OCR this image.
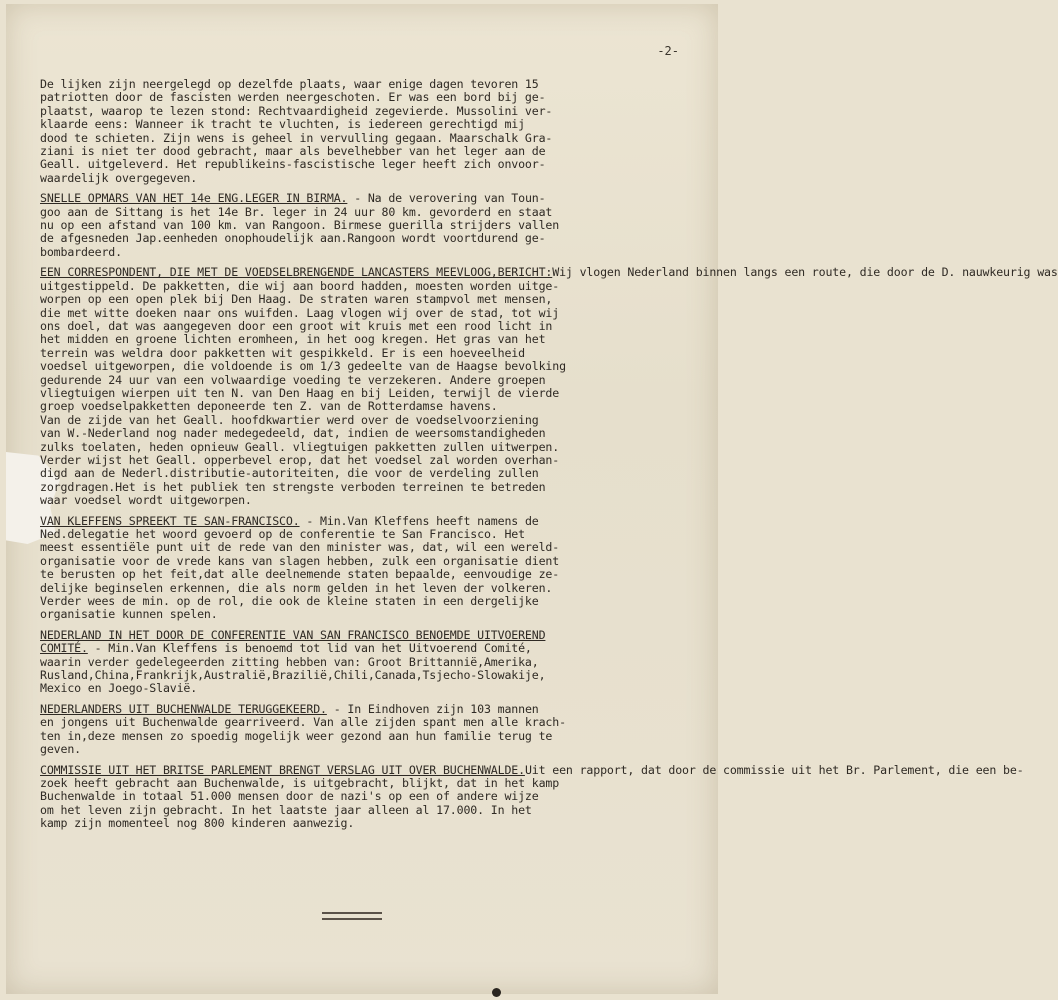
-2-
De lijken zijn neergelegd op dezelfde plaats, waar enige dagen tevoren 15
patriotten door de fascisten werden neergeschoten. Er was een bord bij ge-
plaatst, waarop te lezen stond: Rechtvaardigheid zegevierde. Mussolini ver-
klaarde eens: Wanneer ik tracht te vluchten, is iedereen gerechtigd mij
dood te schieten. Zijn wens is geheel in vervulling gegaan. Maarschalk Gra-
ziani is niet ter dood gebracht, maar als bevelhebber van het leger aan de
Geall. uitgeleverd. Het republikeins-fascistische leger heeft zich onvoor-
waardelijk overgegeven.
SNELLE OPMARS VAN HET 14e ENG.LEGER IN BIRMA. - Na de verovering van Toun-
goo aan de Sittang is het 14e Br. leger in 24 uur 80 km. gevorderd en staat
nu op een afstand van 100 km. van Rangoon. Birmese guerilla strijders vallen
de afgesneden Jap.eenheden onophoudelijk aan.Rangoon wordt voortdurend ge-
bombardeerd.
EEN CORRESPONDENT, DIE MET DE VOEDSELBRENGENDE LANCASTERS MEEVLOOG,BERICHT:Wij vlogen Nederland binnen langs een route, die door de D. nauwkeurig was
uitgestippeld. De pakketten, die wij aan boord hadden, moesten worden uitge-
worpen op een open plek bij Den Haag. De straten waren stampvol met mensen,
die met witte doeken naar ons wuifden. Laag vlogen wij over de stad, tot wij
ons doel, dat was aangegeven door een groot wit kruis met een rood licht in
het midden en groene lichten eromheen, in het oog kregen. Het gras van het
terrein was weldra door pakketten wit gespikkeld. Er is een hoeveelheid
voedsel uitgeworpen, die voldoende is om 1/3 gedeelte van de Haagse bevolking
gedurende 24 uur van een volwaardige voeding te verzekeren. Andere groepen
vliegtuigen wierpen uit ten N. van Den Haag en bij Leiden, terwijl de vierde
groep voedselpakketten deponeerde ten Z. van de Rotterdamse havens.
Van de zijde van het Geall. hoofdkwartier werd over de voedselvoorziening
van W.-Nederland nog nader medegedeeld, dat, indien de weersomstandigheden
zulks toelaten, heden opnieuw Geall. vliegtuigen pakketten zullen uitwerpen.
Verder wijst het Geall. opperbevel erop, dat het voedsel zal worden overhan-
digd aan de Nederl.distributie-autoriteiten, die voor de verdeling zullen
zorgdragen.Het is het publiek ten strengste verboden terreinen te betreden
waar voedsel wordt uitgeworpen.
VAN KLEFFENS SPREEKT TE SAN-FRANCISCO. - Min.Van Kleffens heeft namens de
Ned.delegatie het woord gevoerd op de conferentie te San Francisco. Het
meest essentiële punt uit de rede van den minister was, dat, wil een wereld-
organisatie voor de vrede kans van slagen hebben, zulk een organisatie dient
te berusten op het feit,dat alle deelnemende staten bepaalde, eenvoudige ze-
delijke beginselen erkennen, die als norm gelden in het leven der volkeren.
Verder wees de min. op de rol, die ook de kleine staten in een dergelijke
organisatie kunnen spelen.
NEDERLAND IN HET DOOR DE CONFERENTIE VAN SAN FRANCISCO BENOEMDE UITVOEREND
COMITÉ. - Min.Van Kleffens is benoemd tot lid van het Uitvoerend Comité,
waarin verder gedelegeerden zitting hebben van: Groot Brittannië,Amerika,
Rusland,China,Frankrijk,Australië,Brazilië,Chili,Canada,Tsjecho-Slowakije,
Mexico en Joego-Slavië.
NEDERLANDERS UIT BUCHENWALDE TERUGGEKEERD. - In Eindhoven zijn 103 mannen
en jongens uit Buchenwalde gearriveerd. Van alle zijden spant men alle krach-
ten in,deze mensen zo spoedig mogelijk weer gezond aan hun familie terug te
geven.
COMMISSIE UIT HET BRITSE PARLEMENT BRENGT VERSLAG UIT OVER BUCHENWALDE.Uit een rapport, dat door de commissie uit het Br. Parlement, die een be-
zoek heeft gebracht aan Buchenwalde, is uitgebracht, blijkt, dat in het kamp
Buchenwalde in totaal 51.000 mensen door de nazi's op een of andere wijze
om het leven zijn gebracht. In het laatste jaar alleen al 17.000. In het
kamp zijn momenteel nog 800 kinderen aanwezig.
